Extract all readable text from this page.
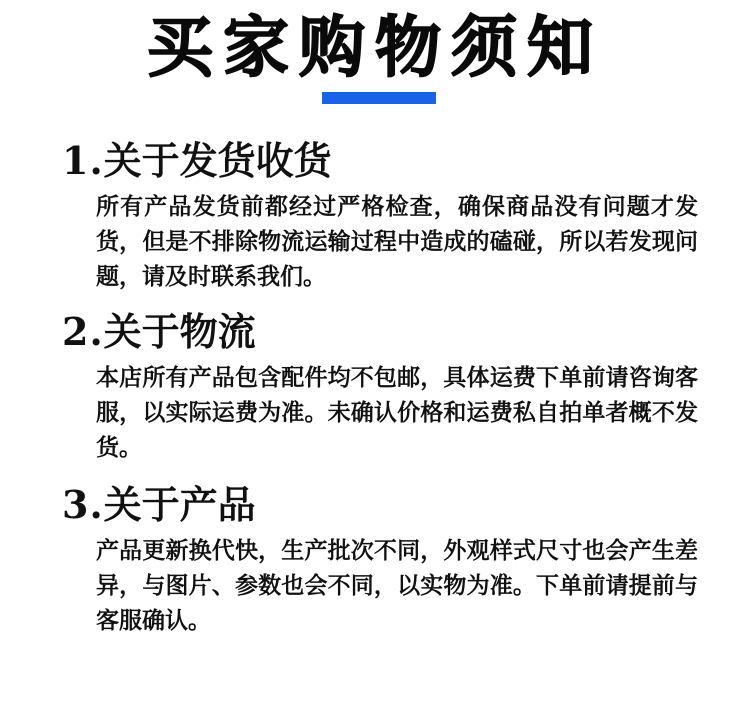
买家购物须知
1.关于发货收货
所有产品发货前都经过严格检查，确保商品没有问题才发货，但是不排除物流运输过程中造成的磕碰，所以若发现问题，请及时联系我们。
2.关于物流
本店所有产品包含配件均不包邮，具体运费下单前请咨询客服，以实际运费为准。未确认价格和运费私自拍单者概不发货。
3.关于产品
产品更新换代快，生产批次不同，外观样式尺寸也会产生差异，与图片、参数也会不同，以实物为准。下单前请提前与客服确认。
